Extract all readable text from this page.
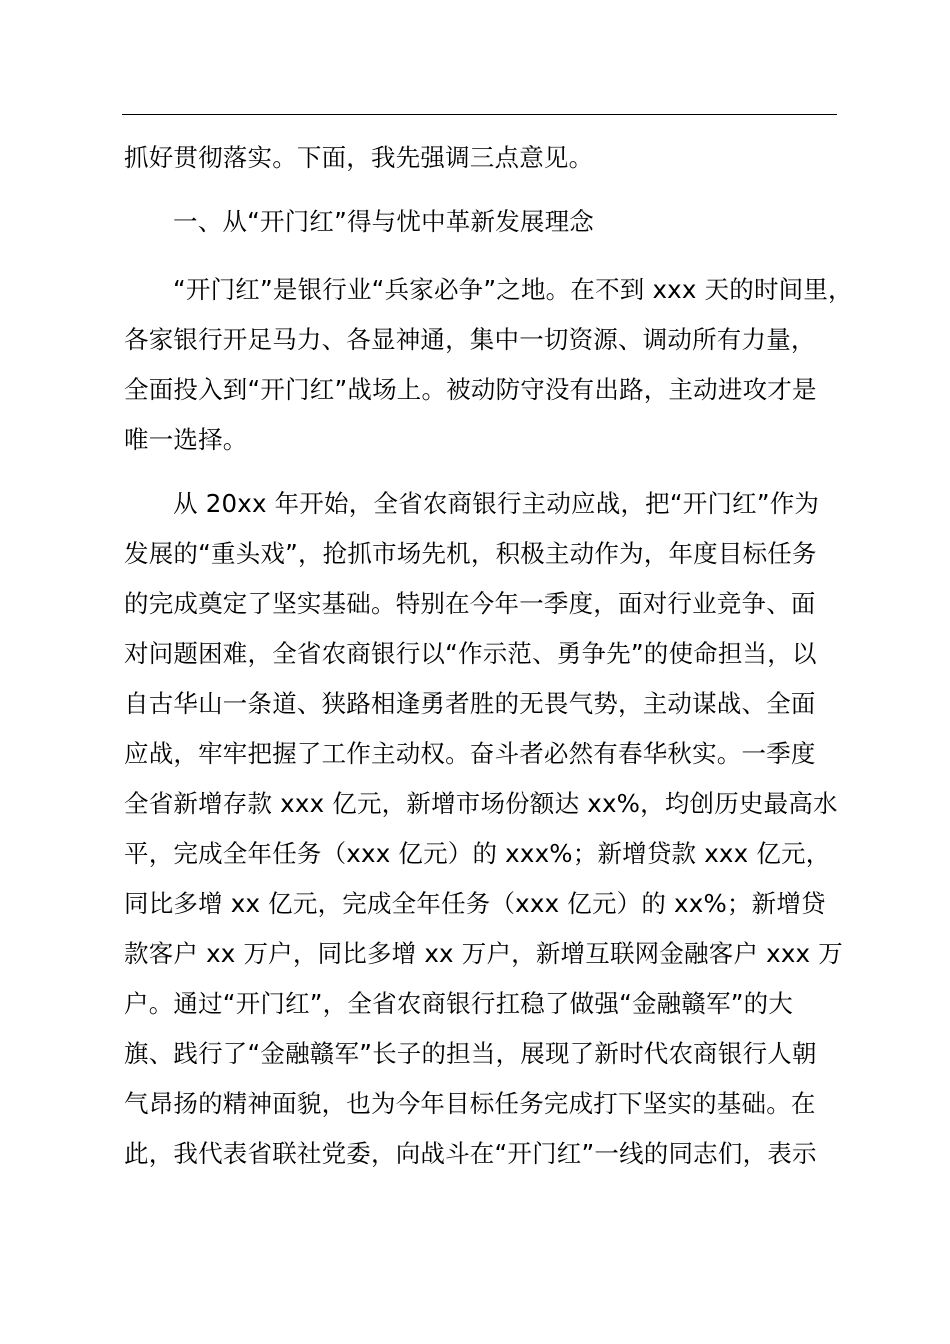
抓好贯彻落实。下面，我先强调三点意见。
一、从“开门红”得与忧中革新发展理念
“开门红”是银行业“兵家必争”之地。在不到 xxx 天的时间里，
各家银行开足马力、各显神通，集中一切资源、调动所有力量，
全面投入到“开门红”战场上。被动防守没有出路，主动进攻才是
唯一选择。
从 20xx 年开始，全省农商银行主动应战，把“开门红”作为
发展的“重头戏”，抢抓市场先机，积极主动作为，年度目标任务
的完成奠定了坚实基础。特别在今年一季度，面对行业竞争、面
对问题困难，全省农商银行以“作示范、勇争先”的使命担当，以
自古华山一条道、狭路相逢勇者胜的无畏气势，主动谋战、全面
应战，牢牢把握了工作主动权。奋斗者必然有春华秋实。一季度
全省新增存款 xxx 亿元，新增市场份额达 xx%，均创历史最高水
平，完成全年任务（xxx 亿元）的 xxx%；新增贷款 xxx 亿元，
同比多增 xx 亿元，完成全年任务（xxx 亿元）的 xx%；新增贷
款客户 xx 万户，同比多增 xx 万户，新增互联网金融客户 xxx 万
户。通过“开门红”，全省农商银行扛稳了做强“金融赣军”的大
旗、践行了“金融赣军”长子的担当，展现了新时代农商银行人朝
气昂扬的精神面貌，也为今年目标任务完成打下坚实的基础。在
此，我代表省联社党委，向战斗在“开门红”一线的同志们，表示
